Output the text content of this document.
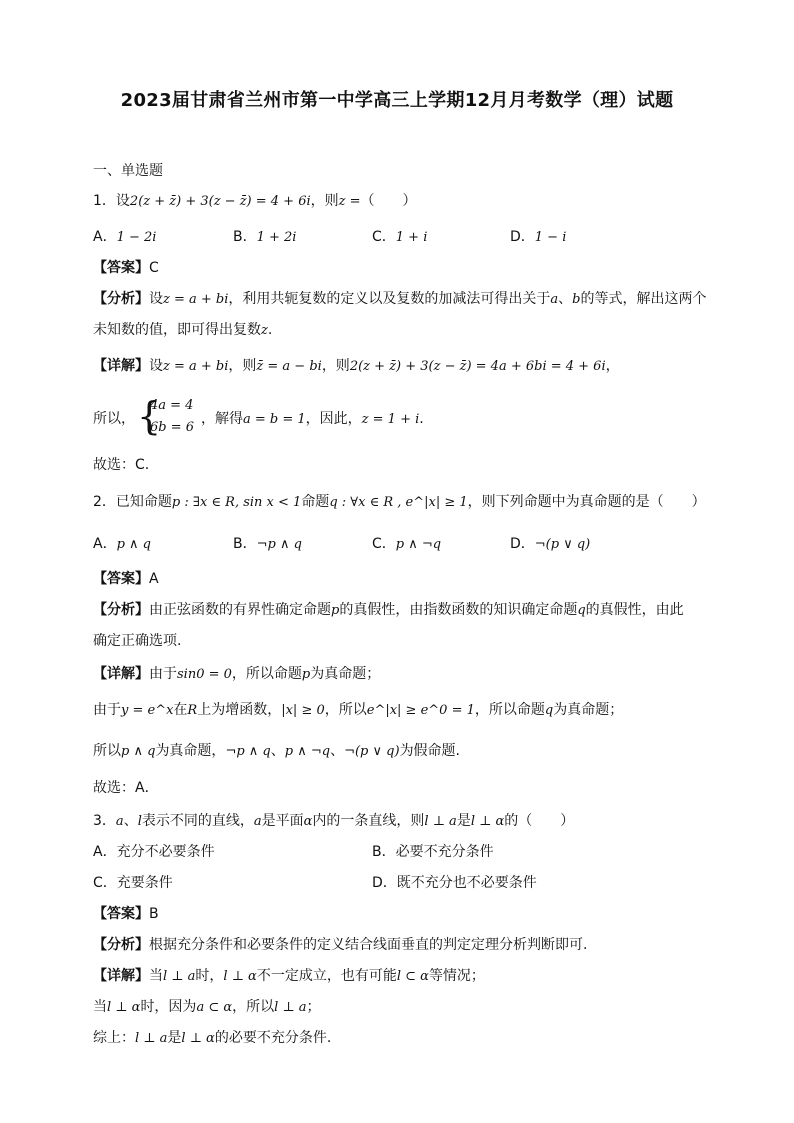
2023届甘肃省兰州市第一中学高三上学期12月月考数学（理）试题
一、单选题
1．设2(z + z̄) + 3(z − z̄) = 4 + 6i，则z =（　　）
A．1 − 2i	B．1 + 2i	C．1 + i	D．1 − i
【答案】C
【分析】设z = a + bi，利用共轭复数的定义以及复数的加减法可得出关于a、b的等式，解出这两个
未知数的值，即可得出复数z.
【详解】设z = a + bi，则z̄ = a − bi，则2(z + z̄) + 3(z − z̄) = 4a + 6bi = 4 + 6i，
所以， {
4a = 4
6b = 6
，解得a = b = 1，因此，z = 1 + i.
故选：C.
2．已知命题p : ∃x ∈ R, sin x < 1命题q : ∀x ∈ R , e^|x| ≥ 1，则下列命题中为真命题的是（　　）
A．p ∧ q	B．¬p ∧ q	C．p ∧ ¬q	D．¬(p ∨ q)
【答案】A
【分析】由正弦函数的有界性确定命题p的真假性，由指数函数的知识确定命题q的真假性，由此
确定正确选项.
【详解】由于sin0 = 0，所以命题p为真命题；
由于y = e^x在R上为增函数，|x| ≥ 0，所以e^|x| ≥ e^0 = 1，所以命题q为真命题；
所以p ∧ q为真命题，¬p ∧ q、p ∧ ¬q、¬(p ∨ q)为假命题.
故选：A．
3．a、l表示不同的直线，a是平面α内的一条直线，则l ⊥ a是l ⊥ α的（　　）
A．充分不必要条件	B．必要不充分条件
C．充要条件	D．既不充分也不必要条件
【答案】B
【分析】根据充分条件和必要条件的定义结合线面垂直的判定定理分析判断即可.
【详解】当l ⊥ a时，l ⊥ α不一定成立，也有可能l ⊂ α等情况；
当l ⊥ α时，因为a ⊂ α，所以l ⊥ a；
综上：l ⊥ a是l ⊥ α的必要不充分条件.
